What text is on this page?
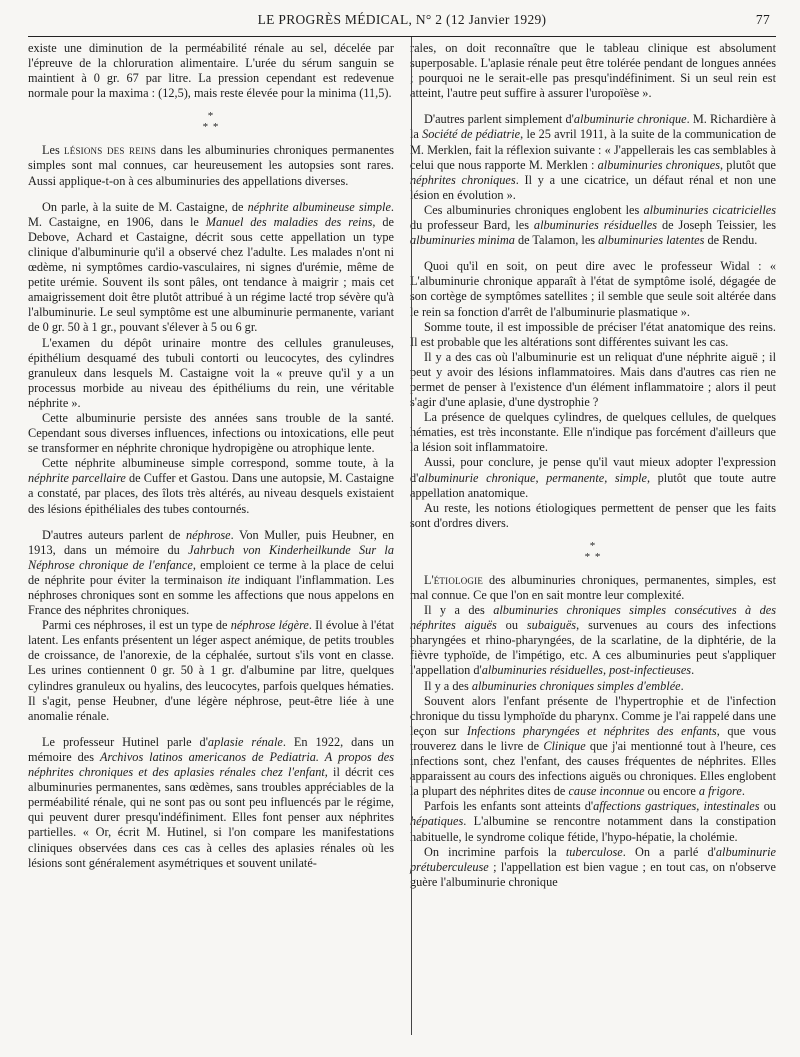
LE PROGRÈS MÉDICAL, N° 2 (12 Janvier 1929)	77

existe une diminution de la perméabilité rénale au sel, décelée par l'épreuve de la chloruration alimentaire. L'urée du sérum sanguin se maintient à 0 gr. 67 par litre. La pression cependant est redevenue normale pour la maxima : (12,5), mais reste élevée pour la minima (11,5).

*
* *

Les lésions des reins dans les albuminuries chroniques permanentes simples sont mal connues, car heureusement les autopsies sont rares. Aussi applique-t-on à ces albuminuries des appellations diverses.

On parle, à la suite de M. Castaigne, de néphrite albumineuse simple. M. Castaigne, en 1906, dans le Manuel des maladies des reins, de Debove, Achard et Castaigne, décrit sous cette appellation un type clinique d'albuminurie qu'il a observé chez l'adulte. Les malades n'ont ni œdème, ni symptômes cardio-vasculaires, ni signes d'urémie, même de petite urémie. Souvent ils sont pâles, ont tendance à maigrir ; mais cet amaigrissement doit être plutôt attribué à un régime lacté trop sévère qu'à l'albuminurie. Le seul symptôme est une albuminurie permanente, variant de 0 gr. 50 à 1 gr., pouvant s'élever à 5 ou 6 gr.

L'examen du dépôt urinaire montre des cellules granuleuses, épithélium desquamé des tubuli contorti ou leucocytes, des cylindres granuleux dans lesquels M. Castaigne voit la « preuve qu'il y a un processus morbide au niveau des épithéliums du rein, une véritable néphrite ».

Cette albuminurie persiste des années sans trouble de la santé. Cependant sous diverses influences, infections ou intoxications, elle peut se transformer en néphrite chronique hydropigène ou atrophique lente.

Cette néphrite albumineuse simple correspond, somme toute, à la néphrite parcellaire de Cuffer et Gastou. Dans une autopsie, M. Castaigne a constaté, par places, des îlots très altérés, au niveau desquels existaient des lésions épithéliales des tubes contournés.

D'autres auteurs parlent de néphrose. Von Muller, puis Heubner, en 1913, dans un mémoire du Jahrbuch von Kinderheilkunde Sur la Néphrose chronique de l'enfance, emploient ce terme à la place de celui de néphrite pour éviter la terminaison ite indiquant l'inflammation. Les néphroses chroniques sont en somme les affections que nous appelons en France des néphrites chroniques.

Parmi ces néphroses, il est un type de néphrose légère. Il évolue à l'état latent. Les enfants présentent un léger aspect anémique, de petits troubles de croissance, de l'anorexie, de la céphalée, surtout s'ils vont en classe. Les urines contiennent 0 gr. 50 à 1 gr. d'albumine par litre, quelques cylindres granuleux ou hyalins, des leucocytes, parfois quelques hématies. Il s'agit, pense Heubner, d'une légère néphrose, peut-être liée à une anomalie rénale.

Le professeur Hutinel parle d'aplasie rénale. En 1922, dans un mémoire des Archivos latinos americanos de Pediatria. A propos des néphrites chroniques et des aplasies rénales chez l'enfant, il décrit ces albuminuries permanentes, sans œdèmes, sans troubles appréciables de la perméabilité rénale, qui ne sont pas ou sont peu influencés par le régime, qui peuvent durer presqu'indéfiniment. Elles font penser aux néphrites partielles. « Or, écrit M. Hutinel, si l'on compare les manifestations cliniques observées dans ces cas à celles des aplasies rénales où les lésions sont généralement asymétriques et souvent unilaté-

rales, on doit reconnaître que le tableau clinique est absolument superposable. L'aplasie rénale peut être tolérée pendant de longues années ; pourquoi ne le serait-elle pas presqu'indéfiniment. Si un seul rein est atteint, l'autre peut suffire à assurer l'uropoïèse ».

D'autres parlent simplement d'albuminurie chronique. M. Richardière à la Société de pédiatrie, le 25 avril 1911, à la suite de la communication de M. Merklen, fait la réflexion suivante : « J'appellerais les cas semblables à celui que nous rapporte M. Merklen : albuminuries chroniques, plutôt que néphrites chroniques. Il y a une cicatrice, un défaut rénal et non une lésion en évolution ».

Ces albuminuries chroniques englobent les albuminuries cicatricielles du professeur Bard, les albuminuries résiduelles de Joseph Teissier, les albuminuries minima de Talamon, les albuminuries latentes de Rendu.

Quoi qu'il en soit, on peut dire avec le professeur Widal : « L'albuminurie chronique apparaît à l'état de symptôme isolé, dégagée de son cortège de symptômes satellites ; il semble que seule soit altérée dans le rein sa fonction d'arrêt de l'albuminurie plasmatique ».

Somme toute, il est impossible de préciser l'état anatomique des reins. Il est probable que les altérations sont différentes suivant les cas.

Il y a des cas où l'albuminurie est un reliquat d'une néphrite aiguë ; il peut y avoir des lésions inflammatoires. Mais dans d'autres cas rien ne permet de penser à l'existence d'un élément inflammatoire ; alors il peut s'agir d'une aplasie, d'une dystrophie ?

La présence de quelques cylindres, de quelques cellules, de quelques hématies, est très inconstante. Elle n'indique pas forcément d'ailleurs que la lésion soit inflammatoire.

Aussi, pour conclure, je pense qu'il vaut mieux adopter l'expression d'albuminurie chronique, permanente, simple, plutôt que toute autre appellation anatomique.

Au reste, les notions étiologiques permettent de penser que les faits sont d'ordres divers.

*
* *

L'étiologie des albuminuries chroniques, permanentes, simples, est mal connue. Ce que l'on en sait montre leur complexité.

Il y a des albuminuries chroniques simples consécutives à des néphrites aiguës ou subaiguës, survenues au cours des infections pharyngées et rhino-pharyngées, de la scarlatine, de la diphtérie, de la fièvre typhoïde, de l'impétigo, etc. A ces albuminuries peut s'appliquer l'appellation d'albuminuries résiduelles, post-infectieuses.

Il y a des albuminuries chroniques simples d'emblée.

Souvent alors l'enfant présente de l'hypertrophie et de l'infection chronique du tissu lymphoïde du pharynx. Comme je l'ai rappelé dans une leçon sur Infections pharyngées et néphrites des enfants, que vous trouverez dans le livre de Clinique que j'ai mentionné tout à l'heure, ces infections sont, chez l'enfant, des causes fréquentes de néphrites. Elles apparaissent au cours des infections aiguës ou chroniques. Elles englobent la plupart des néphrites dites de cause inconnue ou encore a frigore.

Parfois les enfants sont atteints d'affections gastriques, intestinales ou hépatiques. L'albumine se rencontre notamment dans la constipation habituelle, le syndrome colique fétide, l'hypo-hépatie, la cholémie.

On incrimine parfois la tuberculose. On a parlé d'albuminurie prétuberculeuse ; l'appellation est bien vague ; en tout cas, on n'observe guère l'albuminurie chronique
